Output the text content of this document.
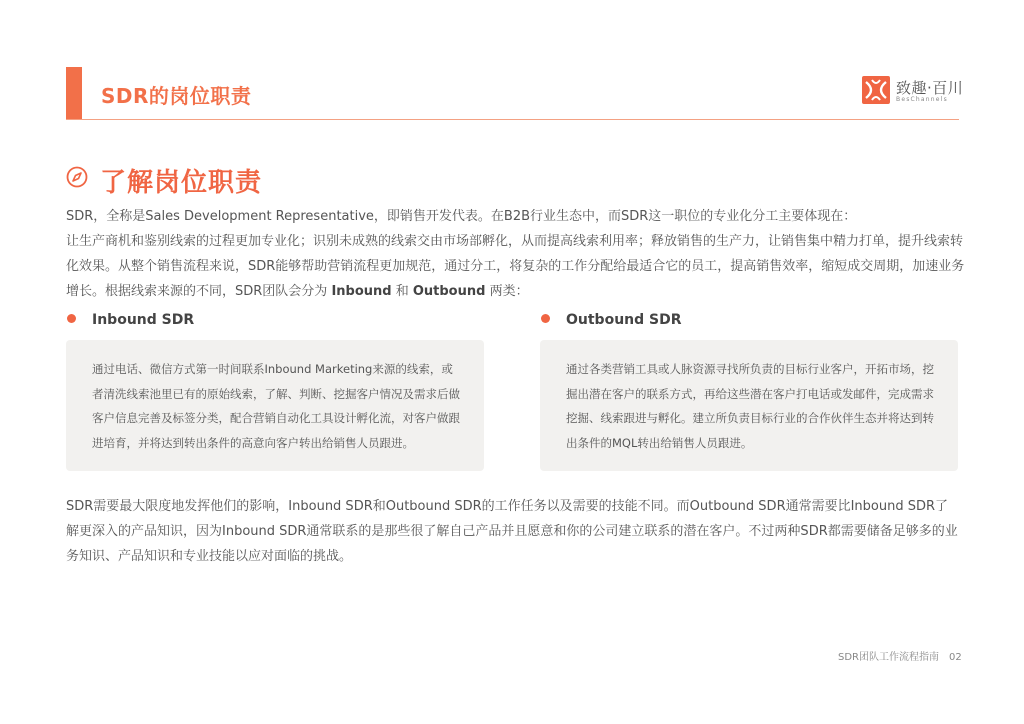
SDR的岗位职责	致趣·百川
BesChannels
了解岗位职责

SDR，全称是Sales Development Representative，即销售开发代表。在B2B行业生态中，而SDR这一职位的专业化分工主要体现在：

让生产商机和鉴别线索的过程更加专业化；识别未成熟的线索交由市场部孵化，从而提高线索利用率；释放销售的生产力，让销售集中精力打单，提升线索转化效果。从整个销售流程来说，SDR能够帮助营销流程更加规范，通过分工，将复杂的工作分配给最适合它的员工，提高销售效率，缩短成交周期，加速业务增长。根据线索来源的不同，SDR团队会分为 Inbound 和 Outbound 两类：

Inbound SDR	Outbound SDR
通过电话、微信方式第一时间联系Inbound Marketing来源的线索，或者清洗线索池里已有的原始线索，了解、判断、挖掘客户情况及需求后做客户信息完善及标签分类，配合营销自动化工具设计孵化流，对客户做跟进培育，并将达到转出条件的高意向客户转出给销售人员跟进。
通过各类营销工具或人脉资源寻找所负责的目标行业客户，开拓市场，挖掘出潜在客户的联系方式，再给这些潜在客户打电话或发邮件，完成需求挖掘、线索跟进与孵化。建立所负责目标行业的合作伙伴生态并将达到转出条件的MQL转出给销售人员跟进。
SDR需要最大限度地发挥他们的影响，Inbound SDR和Outbound SDR的工作任务以及需要的技能不同。而Outbound SDR通常需要比Inbound SDR了解更深入的产品知识，因为Inbound SDR通常联系的是那些很了解自己产品并且愿意和你的公司建立联系的潜在客户。不过两种SDR都需要储备足够多的业务知识、产品知识和专业技能以应对面临的挑战。
SDR团队工作流程指南 02
